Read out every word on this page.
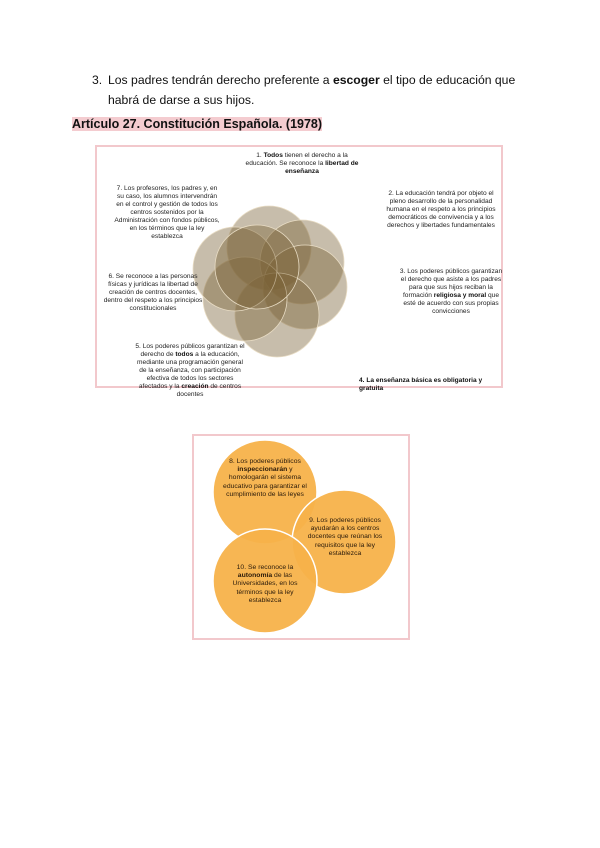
3. Los padres tendrán derecho preferente a escoger el tipo de educación que habrá de darse a sus hijos.
Artículo 27. Constitución Española. (1978)
1. Todos tienen el derecho a la educación. Se reconoce la libertad de enseñanza
2. La educación tendrá por objeto el pleno desarrollo de la personalidad humana en el respeto a los principios democráticos de convivencia y a los derechos y libertades fundamentales
3. Los poderes públicos garantizan el derecho que asiste a los padres para que sus hijos reciban la formación religiosa y moral que esté de acuerdo con sus propias convicciones
4. La enseñanza básica es obligatoria y gratuita
5. Los poderes públicos garantizan el derecho de todos a la educación, mediante una programación general de la enseñanza, con participación efectiva de todos los sectores afectados y la creación de centros docentes
6. Se reconoce a las personas físicas y jurídicas la libertad de creación de centros docentes, dentro del respeto a los principios constitucionales
7. Los profesores, los padres y, en su caso, los alumnos intervendrán en el control y gestión de todos los centros sostenidos por la Administración con fondos públicos, en los términos que la ley establezca
8. Los poderes públicos inspeccionarán y homologarán el sistema educativo para garantizar el cumplimiento de las leyes
9. Los poderes públicos ayudarán a los centros docentes que reúnan los requisitos que la ley establezca
10. Se reconoce la autonomía de las Universidades, en los términos que la ley establezca
